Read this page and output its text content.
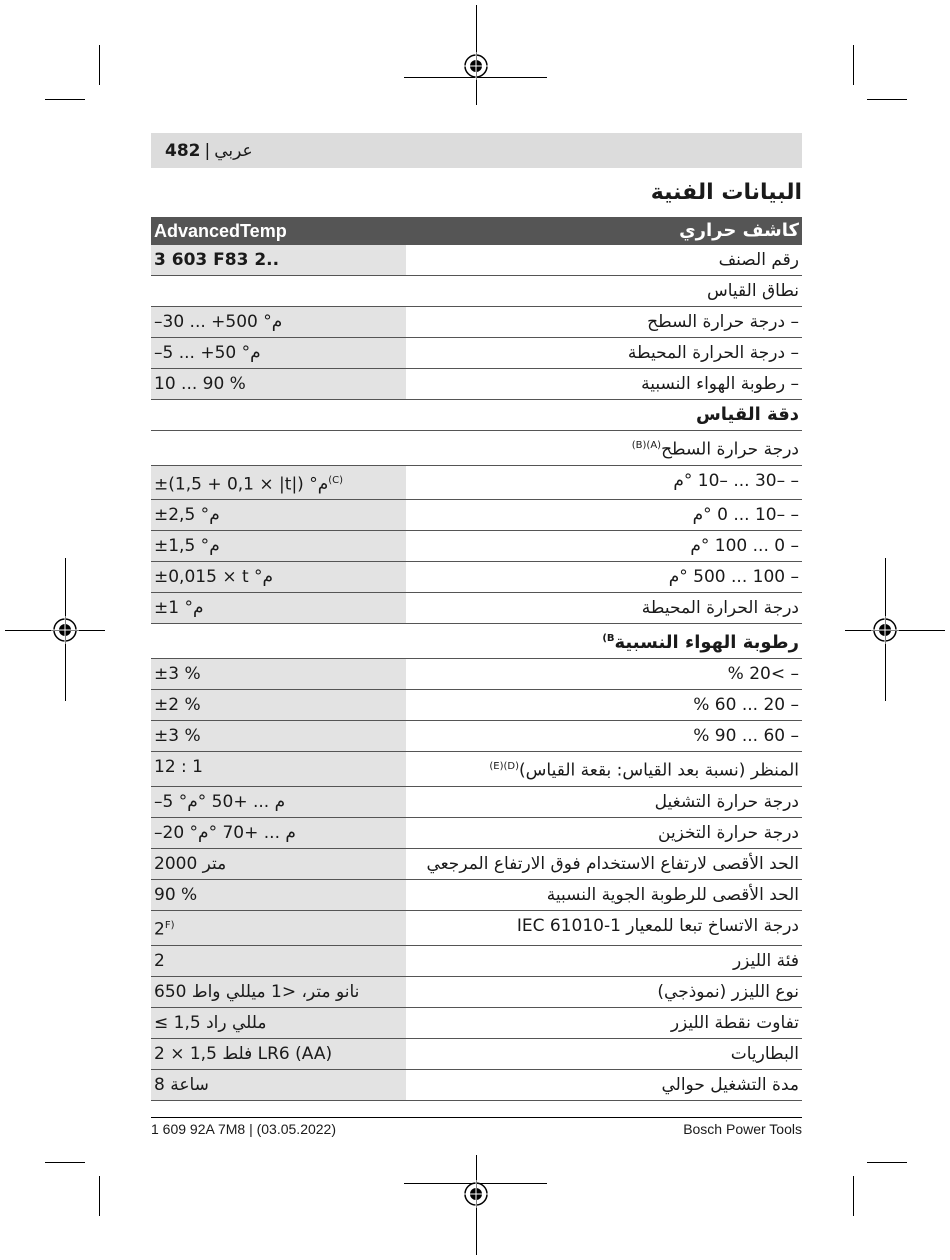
482 | عربي
البيانات الفنية
كاشف حراري	AdvancedTemp
رقم الصنف	3 603 F83 2..
نطاق القياس	
– درجة حرارة السطح	–30 ... +500 °م
– درجة الحرارة المحيطة	–5 ... +50 °م
– رطوبة الهواء النسبية	10 ... 90 %
دقة القياس	
درجة حرارة السطح$^{(A)(B)}$	
– –30 ... –10 °م	±(1,5 + 0,1 × |t|) °م$^{(C)}$
– –10 ... 0 °م	±2,5 °م
– 0 ... 100 °م	±1,5 °م
– 100 ... 500 °م	±0,015 × t °م
درجة الحرارة المحيطة	±1 °م
رطوبة الهواء النسبية$^{B)}$	
– >20 %	±3 %
– 20 ... 60 %	±2 %
– 60 ... 90 %	±3 %
المنظر (نسبة بعد القياس: بقعة القياس)$^{(D)(E)}$	12 : 1
درجة حرارة التشغيل	–5 °م ... +50 °م
درجة حرارة التخزين	–20 °م ... +70 °م
الحد الأقصى لارتفاع الاستخدام فوق الارتفاع المرجعي	2000 متر
الحد الأقصى للرطوبة الجوية النسبية	90 %
درجة الاتساخ تبعا للمعيار IEC 61010-1	$2^{F)}$
فئة الليزر	2
نوع الليزر (نموذجي)	650 نانو متر، <1 ميللي واط
تفاوت نقطة الليزر	≤ 1,5 مللي راد
البطاريات	2 × 1,5 فلط LR6 (AA)
مدة التشغيل حوالي	8 ساعة
1 609 92A 7M8 | (03.05.2022)	Bosch Power Tools
